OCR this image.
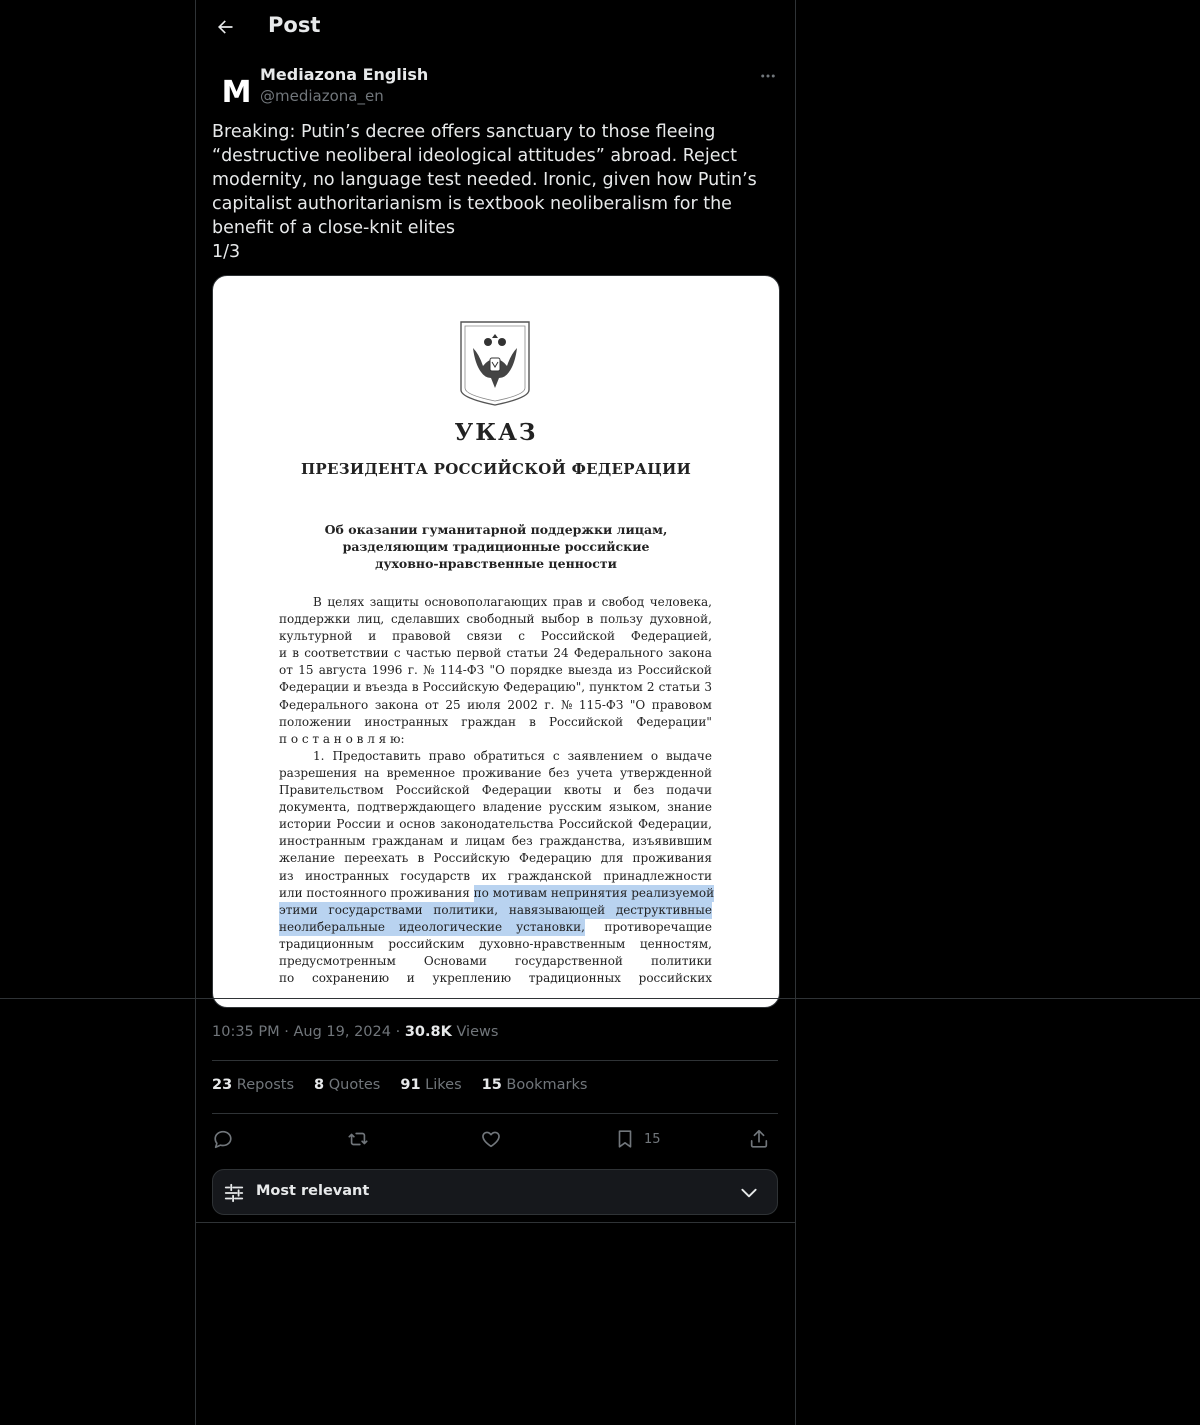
Post
M Mediazona English
@mediazona_en
Breaking: Putin’s decree offers sanctuary to those fleeing “destructive neoliberal ideological attitudes” abroad. Reject modernity, no language test needed. Ironic, given how Putin’s capitalist authoritarianism is textbook neoliberalism for the benefit of a close-knit elites
1/3
УКАЗ
ПРЕЗИДЕНТА РОССИЙСКОЙ ФЕДЕРАЦИИ
Об оказании гуманитарной поддержки лицам,
разделяющим традиционные российские
духовно-нравственные ценности
В целях защиты основополагающих прав и свобод человека,
поддержки лиц, сделавших свободный выбор в пользу духовной,
культурной и правовой связи с Российской Федерацией,
и в соответствии с частью первой статьи 24 Федерального закона
от 15 августа 1996 г. № 114-ФЗ "О порядке выезда из Российской
Федерации и въезда в Российскую Федерацию", пунктом 2 статьи 3
Федерального закона от 25 июля 2002 г. № 115-ФЗ "О правовом
положении иностранных граждан в Российской Федерации"
п о с т а н о в л я ю:
1. Предоставить право обратиться с заявлением о выдаче
разрешения на временное проживание без учета утвержденной
Правительством Российской Федерации квоты и без подачи
документа, подтверждающего владение русским языком, знание
истории России и основ законодательства Российской Федерации,
иностранным гражданам и лицам без гражданства, изъявившим
желание переехать в Российскую Федерацию для проживания
из иностранных государств их гражданской принадлежности
или постоянного проживания по мотивам непринятия реализуемой
этими государствами политики, навязывающей деструктивные
неолиберальные идеологические установки, противоречащие
традиционным российским духовно-нравственным ценностям,
предусмотренным Основами государственной политики
по сохранению и укреплению традиционных российских
10:35 PM · Aug 19, 2024 · 30.8K Views
23 Reposts 8 Quotes 91 Likes 15 Bookmarks
15
Most relevant
